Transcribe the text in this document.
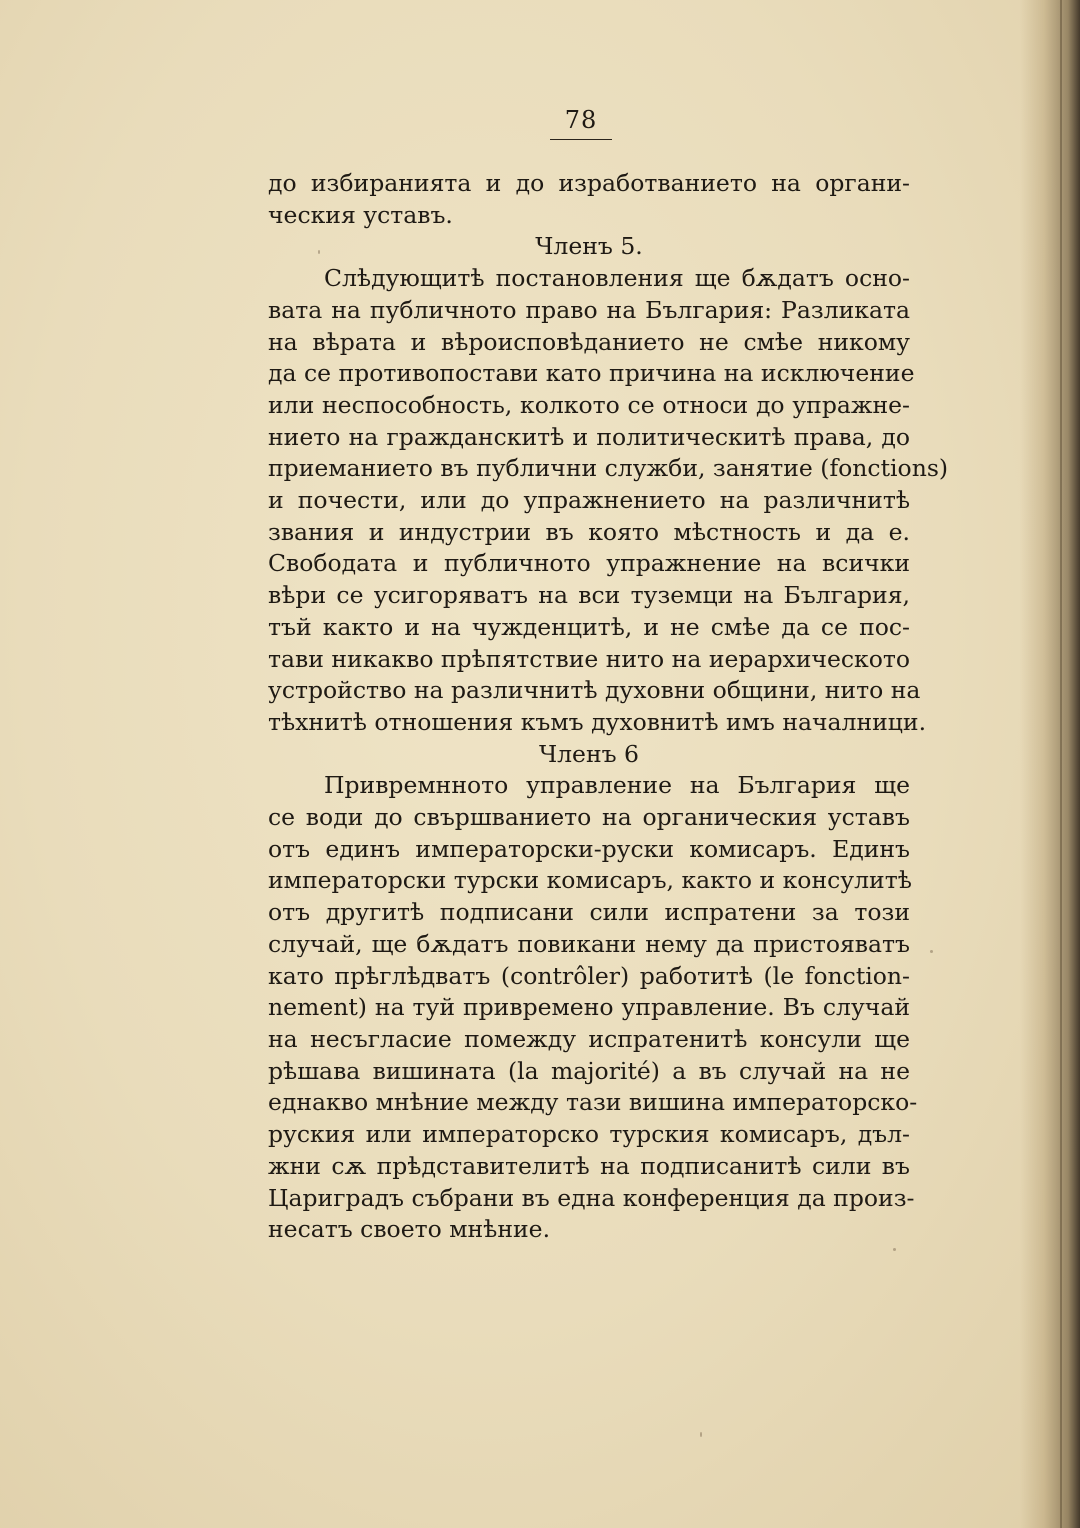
78
до избиранията и до изработванието на органи-
ческия уставъ.
Членъ 5.
Слѣдующитѣ постановления ще бѫдатъ осно-
вата на публичното право на България: Разликата
на вѣрата и вѣроисповѣданието не смѣе никому
да се противопостави като причина на исключение
или неспособность, колкото се относи до упражне-
нието на гражданскитѣ и политическитѣ права, до
приеманието въ публични служби, занятие (fonctions)
и почести, или до упражнението на различнитѣ
звания и индустрии въ която мѣстность и да е.
Свободата и публичното упражнение на всички
вѣри се усигоряватъ на вси туземци на България,
тъй както и на чужденцитѣ, и не смѣе да се пос-
тави никакво прѣпятствие нито на иерархическото
устройство на различнитѣ духовни общини, нито на
тѣхнитѣ отношения къмъ духовнитѣ имъ началници.
Членъ 6
Привремнното управление на България ще
се води до свършванието на органическия уставъ
отъ единъ императорски-руски комисаръ. Единъ
императорски турски комисаръ, както и консулитѣ
отъ другитѣ подписани сили испратени за този
случай, ще бѫдатъ повикани нему да пристояватъ
като прѣглѣдватъ (contrôler) работитѣ (le fonction-
nement) на туй привремено управление. Въ случай
на несъгласие помежду испратенитѣ консули ще
рѣшава вишината (la majorité) а въ случай на не
еднакво мнѣние между тази вишина императорско-
руския или императорско турския комисаръ, дъл-
жни сѫ прѣдставителитѣ на подписанитѣ сили въ
Цариградъ събрани въ една конференция да произ-
несатъ своето мнѣние.
